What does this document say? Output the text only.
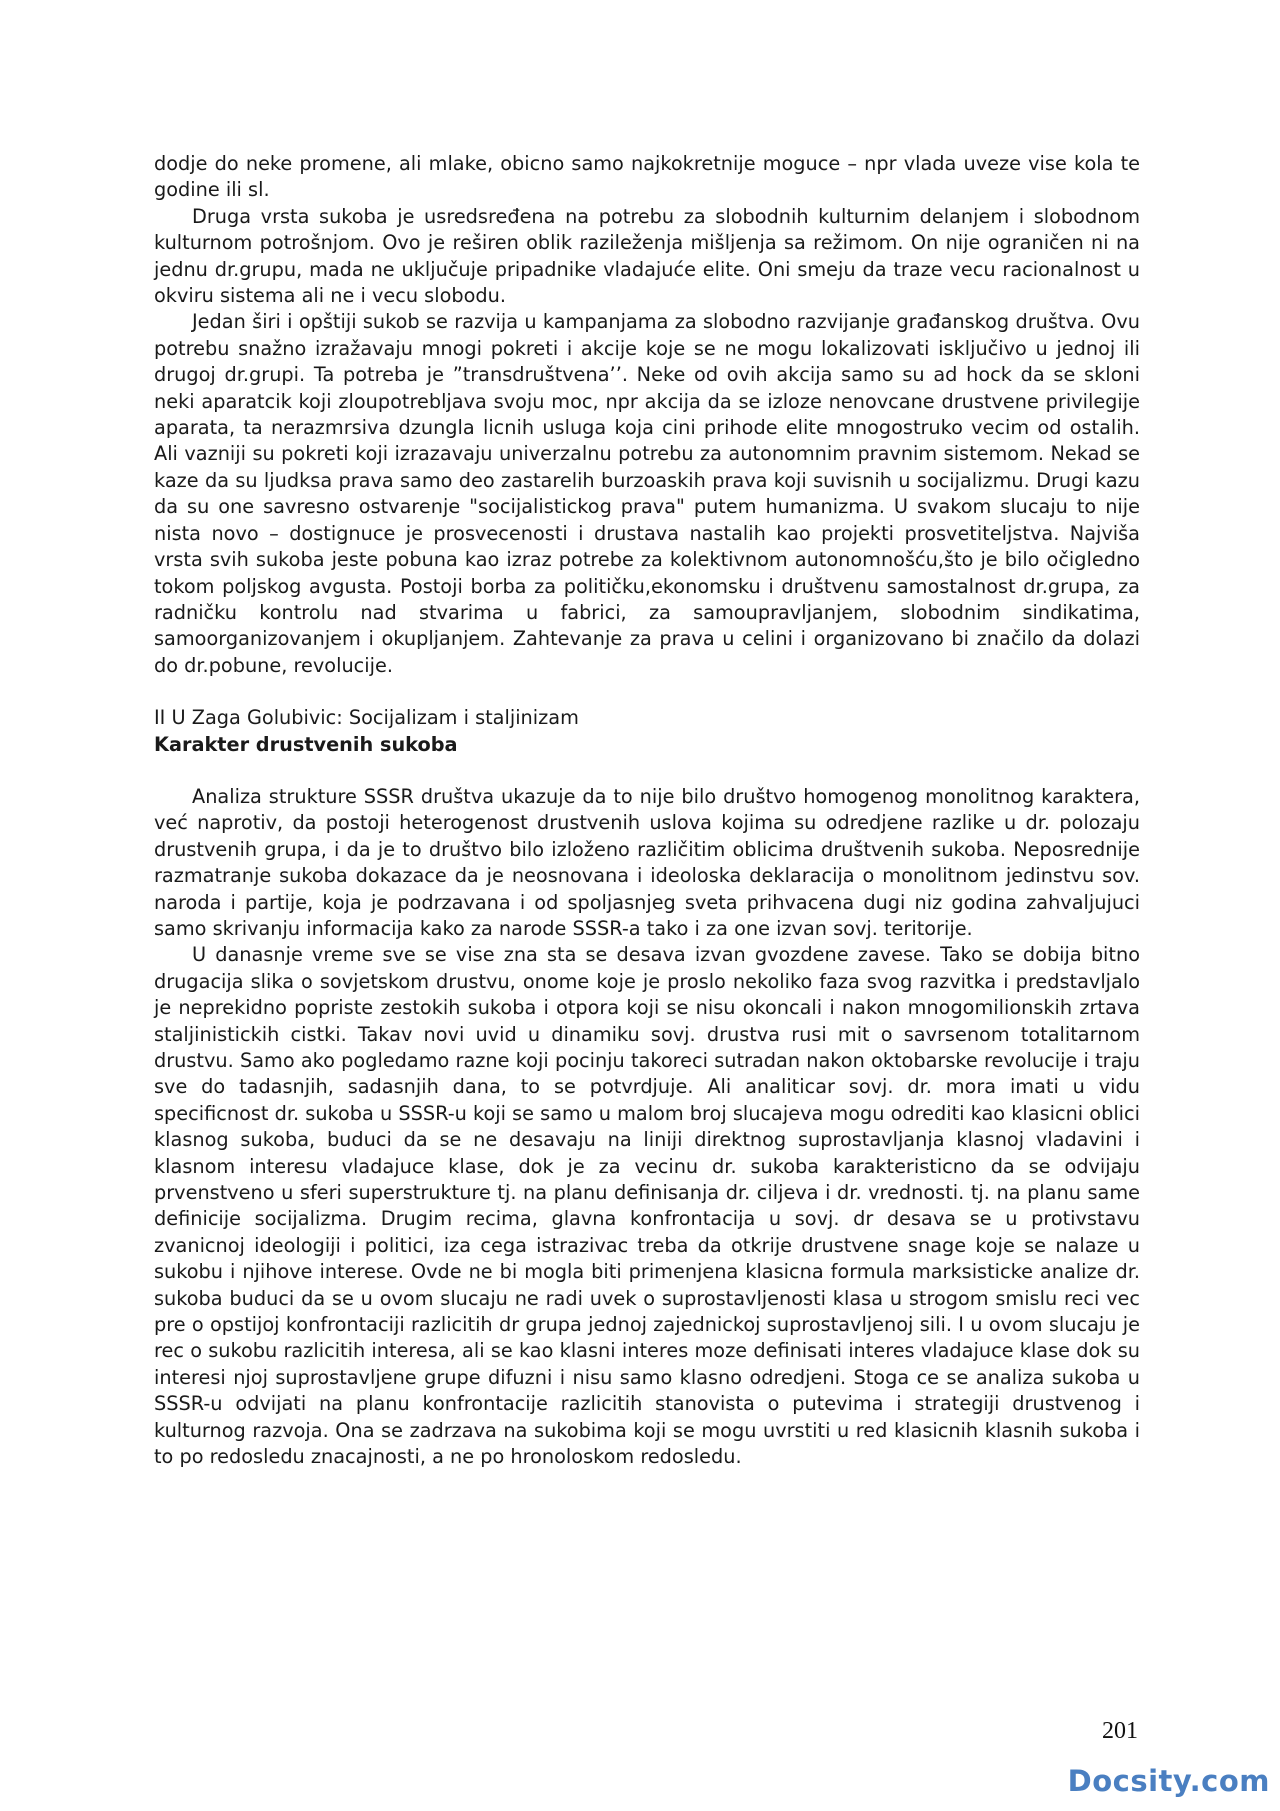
dodje do neke promene, ali mlake, obicno samo najkokretnije moguce – npr vlada uveze vise kola te godine ili sl.

Druga vrsta sukoba je usredsređena na potrebu za slobodnih kulturnim delanjem i slobodnom kulturnom potrošnjom. Ovo je reširen oblik razileženja mišljenja sa režimom. On nije ograničen ni na jednu dr.grupu, mada ne uključuje pripadnike vladajuće elite. Oni smeju da traze vecu racionalnost u okviru sistema ali ne i vecu slobodu.

Jedan širi i opštiji sukob se razvija u kampanjama za slobodno razvijanje građanskog društva. Ovu potrebu snažno izražavaju mnogi pokreti i akcije koje se ne mogu lokalizovati isključivo u jednoj ili drugoj dr.grupi. Ta potreba je ”transdruštvena’’. Neke od ovih akcija samo su ad hock da se skloni neki aparatcik koji zloupotrebljava svoju moc, npr akcija da se izloze nenovcane drustvene privilegije aparata, ta nerazmrsiva dzungla licnih usluga koja cini prihode elite mnogostruko vecim od ostalih. Ali vazniji su pokreti koji izrazavaju univerzalnu potrebu za autonomnim pravnim sistemom. Nekad se kaze da su ljudksa prava samo deo zastarelih burzoaskih prava koji suvisnih u socijalizmu. Drugi kazu da su one savresno ostvarenje "socijalistickog prava" putem humanizma. U svakom slucaju to nije nista novo – dostignuce je prosvecenosti i drustava nastalih kao projekti prosvetiteljstva. Najviša vrsta svih sukoba jeste pobuna kao izraz potrebe za kolektivnom autonomnošću,što je bilo očigledno tokom poljskog avgusta. Postoji borba za političku,ekonomsku i društvenu samostalnost dr.grupa, za radničku kontrolu nad stvarima u fabrici, za samoupravljanjem, slobodnim sindikatima, samoorganizovanjem i okupljanjem. Zahtevanje za prava u celini i organizovano bi značilo da dolazi do dr.pobune, revolucije.

II U Zaga Golubivic: Socijalizam i staljinizam

Karakter drustvenih sukoba

Analiza strukture SSSR društva ukazuje da to nije bilo društvo homogenog monolitnog karaktera, već naprotiv, da postoji heterogenost drustvenih uslova kojima su odredjene razlike u dr. polozaju drustvenih grupa, i da je to društvo bilo izloženo različitim oblicima društvenih sukoba. Neposrednije razmatranje sukoba dokazace da je neosnovana i ideoloska deklaracija o monolitnom jedinstvu sov. naroda i partije, koja je podrzavana i od spoljasnjeg sveta prihvacena dugi niz godina zahvaljujuci samo skrivanju informacija kako za narode SSSR-a tako i za one izvan sovj. teritorije.

U danasnje vreme sve se vise zna sta se desava izvan gvozdene zavese. Tako se dobija bitno drugacija slika o sovjetskom drustvu, onome koje je proslo nekoliko faza svog razvitka i predstavljalo je neprekidno popriste zestokih sukoba i otpora koji se nisu okoncali i nakon mnogomilionskih zrtava staljinistickih cistki. Takav novi uvid u dinamiku sovj. drustva rusi mit o savrsenom totalitarnom drustvu. Samo ako pogledamo razne koji pocinju takoreci sutradan nakon oktobarske revolucije i traju sve do tadasnjih, sadasnjih dana, to se potvrdjuje. Ali analiticar sovj. dr. mora imati u vidu specificnost dr. sukoba u SSSR-u koji se samo u malom broj slucajeva mogu odrediti kao klasicni oblici klasnog sukoba, buduci da se ne desavaju na liniji direktnog suprostavljanja klasnoj vladavini i klasnom interesu vladajuce klase, dok je za vecinu dr. sukoba karakteristicno da se odvijaju prvenstveno u sferi superstrukture tj. na planu definisanja dr. ciljeva i dr. vrednosti. tj. na planu same definicije socijalizma. Drugim recima, glavna konfrontacija u sovj. dr desava se u protivstavu zvanicnoj ideologiji i politici, iza cega istrazivac treba da otkrije drustvene snage koje se nalaze u sukobu i njihove interese. Ovde ne bi mogla biti primenjena klasicna formula marksisticke analize dr. sukoba buduci da se u ovom slucaju ne radi uvek o suprostavljenosti klasa u strogom smislu reci vec pre o opstijoj konfrontaciji razlicitih dr grupa jednoj zajednickoj suprostavljenoj sili. I u ovom slucaju je rec o sukobu razlicitih interesa, ali se kao klasni interes moze definisati interes vladajuce klase dok su interesi njoj suprostavljene grupe difuzni i nisu samo klasno odredjeni. Stoga ce se analiza sukoba u SSSR-u odvijati na planu konfrontacije razlicitih stanovista o putevima i strategiji drustvenog i kulturnog razvoja. Ona se zadrzava na sukobima koji se mogu uvrstiti u red klasicnih klasnih sukoba i to po redosledu znacajnosti, a ne po hronoloskom redosledu.

201
Docsity.com
